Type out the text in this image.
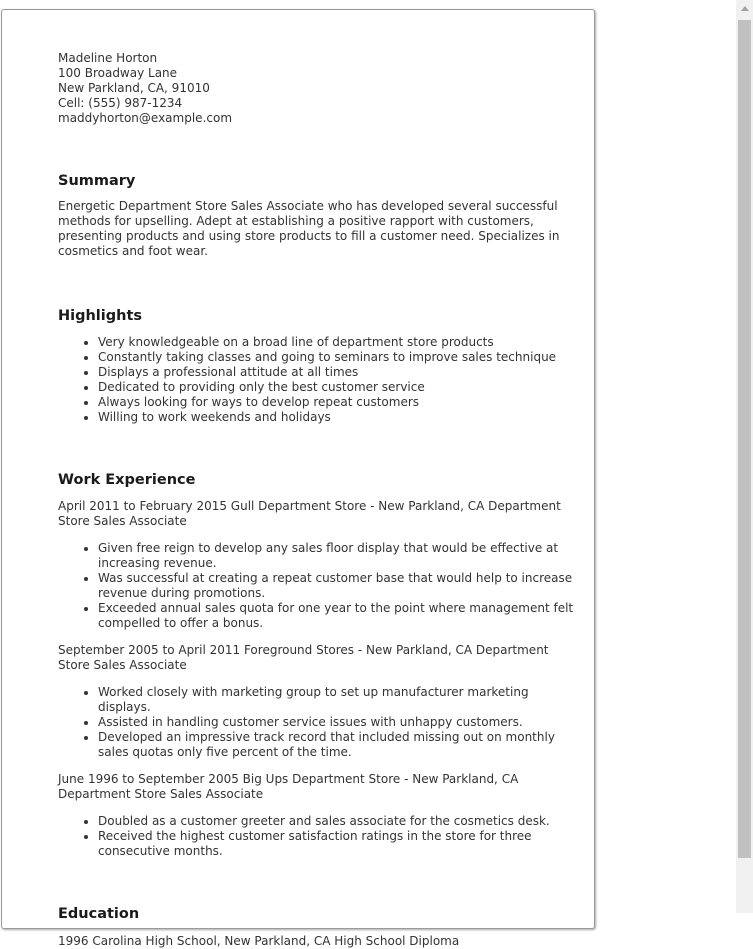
Madeline Horton
100 Broadway Lane
New Parkland, CA, 91010
Cell: (555) 987-1234
maddyhorton@example.com
Summary

Energetic Department Store Sales Associate who has developed several successful methods for upselling. Adept at establishing a positive rapport with customers, presenting products and using store products to fill a customer need. Specializes in cosmetics and foot wear.

Highlights
• Very knowledgeable on a broad line of department store products
• Constantly taking classes and going to seminars to improve sales technique
• Displays a professional attitude at all times
• Dedicated to providing only the best customer service
• Always looking for ways to develop repeat customers
• Willing to work weekends and holidays
Work Experience

April 2011 to February 2015 Gull Department Store - New Parkland, CA Department Store Sales Associate

• Given free reign to develop any sales floor display that would be effective at increasing revenue.
• Was successful at creating a repeat customer base that would help to increase revenue during promotions.
• Exceeded annual sales quota for one year to the point where management felt compelled to offer a bonus.

September 2005 to April 2011 Foreground Stores - New Parkland, CA Department Store Sales Associate

• Worked closely with marketing group to set up manufacturer marketing displays.
• Assisted in handling customer service issues with unhappy customers.
• Developed an impressive track record that included missing out on monthly sales quotas only five percent of the time.

June 1996 to September 2005 Big Ups Department Store - New Parkland, CA Department Store Sales Associate

• Doubled as a customer greeter and sales associate for the cosmetics desk.
• Received the highest customer satisfaction ratings in the store for three consecutive months.
Education

1996 Carolina High School, New Parkland, CA High School Diploma
